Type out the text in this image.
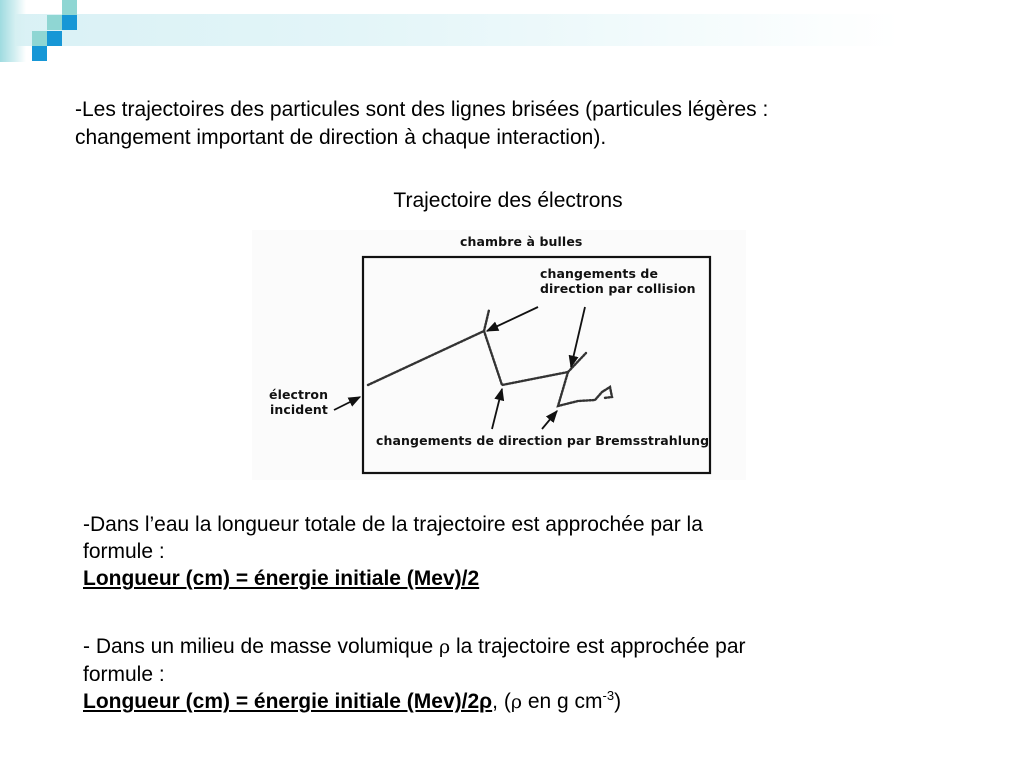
-Les trajectoires des particules sont des lignes brisées (particules légères :
changement important de direction à chaque interaction).
Trajectoire des électrons
chambre à bulles
changements de
direction par collision
électron
incident
changements de direction par Bremsstrahlung
-Dans l’eau la longueur totale de la trajectoire est approchée par la
formule :
Longueur (cm) = énergie initiale (Mev)/2
- Dans un milieu de masse volumique ρ la trajectoire est approchée par
formule :
Longueur (cm) = énergie initiale (Mev)/2ρ, (ρ en g $cm^{-3}$)
